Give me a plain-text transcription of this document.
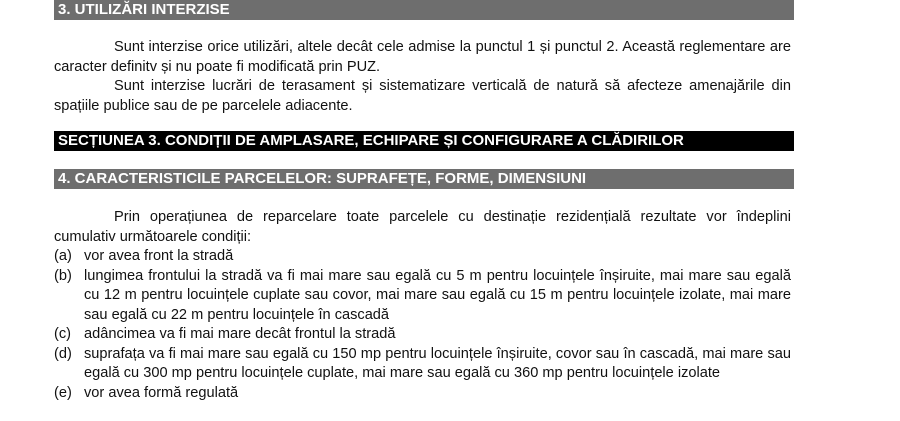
3. UTILIZĂRI INTERZISE

Sunt interzise orice utilizări, altele decât cele admise la punctul 1 și punctul 2. Această reglementare are caracter definitv și nu poate fi modificată prin PUZ.

Sunt interzise lucrări de terasament și sistematizare verticală de natură să afecteze amenajările din spațiile publice sau de pe parcelele adiacente.

SECȚIUNEA 3. CONDIȚII DE AMPLASARE, ECHIPARE ȘI CONFIGURARE A CLĂDIRILOR
4. CARACTERISTICILE PARCELELOR: SUPRAFEȚE, FORME, DIMENSIUNI

Prin operațiunea de reparcelare toate parcelele cu destinație rezidențială rezultate vor îndeplini cumulativ următoarele condiții:

(a) vor avea front la stradă
(b) lungimea frontului la stradă va fi mai mare sau egală cu 5 m pentru locuințele înșiruite, mai mare sau egală cu 12 m pentru locuințele cuplate sau covor, mai mare sau egală cu 15 m pentru locuințele izolate, mai mare sau egală cu 22 m pentru locuințele în cascadă
(c) adâncimea va fi mai mare decât frontul la stradă
(d) suprafața va fi mai mare sau egală cu 150 mp pentru locuințele înșiruite, covor sau în cascadă, mai mare sau egală cu 300 mp pentru locuințele cuplate, mai mare sau egală cu 360 mp pentru locuințele izolate
(e) vor avea formă regulată
